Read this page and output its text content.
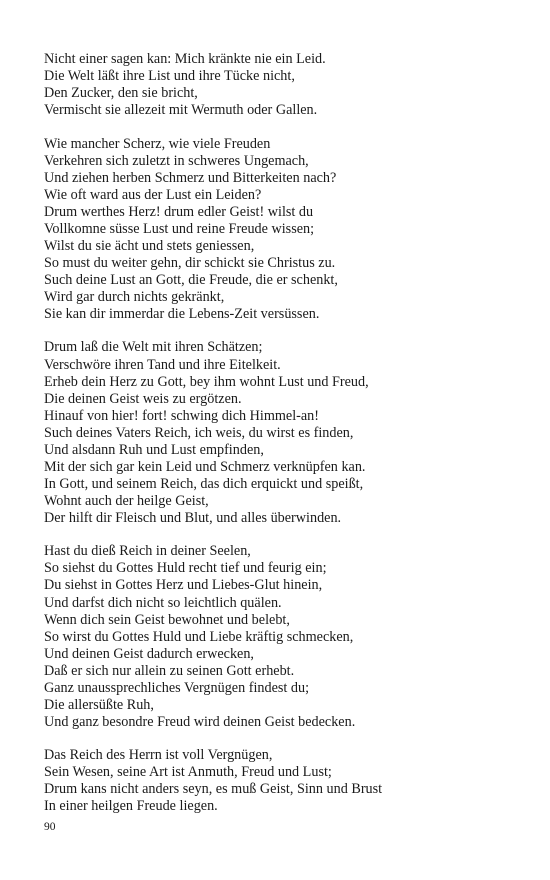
Nicht einer sagen kan: Mich kränkte nie ein Leid.
Die Welt läßt ihre List und ihre Tücke nicht,
Den Zucker, den sie bricht,
Vermischt sie allezeit mit Wermuth oder Gallen.
Wie mancher Scherz, wie viele Freuden
Verkehren sich zuletzt in schweres Ungemach,
Und ziehen herben Schmerz und Bitterkeiten nach?
Wie oft ward aus der Lust ein Leiden?
Drum werthes Herz! drum edler Geist! wilst du
Vollkomne süsse Lust und reine Freude wissen;
Wilst du sie ächt und stets geniessen,
So must du weiter gehn, dir schickt sie Christus zu.
Such deine Lust an Gott, die Freude, die er schenkt,
Wird gar durch nichts gekränkt,
Sie kan dir immerdar die Lebens-Zeit versüssen.
Drum laß die Welt mit ihren Schätzen;
Verschwöre ihren Tand und ihre Eitelkeit.
Erheb dein Herz zu Gott, bey ihm wohnt Lust und Freud,
Die deinen Geist weis zu ergötzen.
Hinauf von hier! fort! schwing dich Himmel-an!
Such deines Vaters Reich, ich weis, du wirst es finden,
Und alsdann Ruh und Lust empfinden,
Mit der sich gar kein Leid und Schmerz verknüpfen kan.
In Gott, und seinem Reich, das dich erquickt und speißt,
Wohnt auch der heilge Geist,
Der hilft dir Fleisch und Blut, und alles überwinden.
Hast du dieß Reich in deiner Seelen,
So siehst du Gottes Huld recht tief und feurig ein;
Du siehst in Gottes Herz und Liebes-Glut hinein,
Und darfst dich nicht so leichtlich quälen.
Wenn dich sein Geist bewohnet und belebt,
So wirst du Gottes Huld und Liebe kräftig schmecken,
Und deinen Geist dadurch erwecken,
Daß er sich nur allein zu seinen Gott erhebt.
Ganz unaussprechliches Vergnügen findest du;
Die allersüßte Ruh,
Und ganz besondre Freud wird deinen Geist bedecken.
Das Reich des Herrn ist voll Vergnügen,
Sein Wesen, seine Art ist Anmuth, Freud und Lust;
Drum kans nicht anders seyn, es muß Geist, Sinn und Brust
In einer heilgen Freude liegen.
90
